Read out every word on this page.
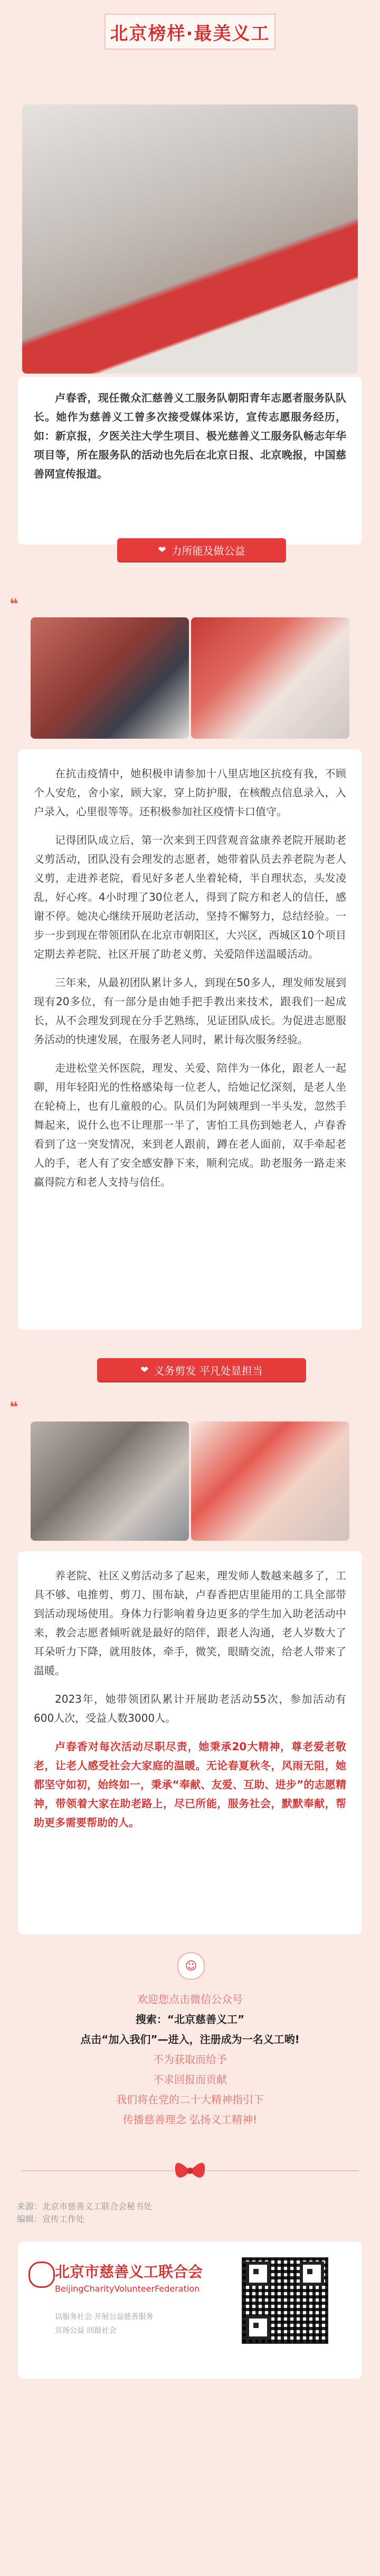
北京榜样·最美义工

卢春香，现任微众汇慈善义工服务队朝阳青年志愿者服务队队长。她作为慈善义工曾多次接受媒体采访，宣传志愿服务经历，如：新京报，夕医关注大学生项目、极光慈善义工服务队畅志年华项目等，所在服务队的活动也先后在北京日报、北京晚报，中国慈善网宣传报道。

❤ 力所能及做公益
❝

在抗击疫情中，她积极申请参加十八里店地区抗疫有我，不顾个人安危，舍小家，顾大家，穿上防护服，在核酸点信息录入，入户录入，心里很等等。还积极参加社区疫情卡口值守。

记得团队成立后，第一次来到王四营观音盆康养老院开展助老义剪活动，团队没有会理发的志愿者，她带着队员去养老院为老人义剪，走进养老院，看见好多老人坐着轮椅，半自理状态，头发凌乱，好心疼。4小时理了30位老人，得到了院方和老人的信任，感谢不停。她决心继续开展助老活动，坚持不懈努力，总结经验。一步一步到现在带领团队在北京市朝阳区，大兴区，西城区10个项目定期去养老院、社区开展了助老义剪、关爱陪伴送温暖活动。

三年来，从最初团队累计多人，到现在50多人，理发师发展到现有20多位，有一部分是由她手把手教出来技术，跟我们一起成长，从不会理发到现在分手艺熟练，见证团队成长。为促进志愿服务活动的快速发展，在服务老人同时，累计每次服务经验。

走进松堂关怀医院，理发、关爱、陪伴为一体化，跟老人一起聊，用年轻阳光的性格感染每一位老人，给她记忆深刻，是老人坐在轮椅上，也有儿童般的心。队员们为阿姨理到一半头发，忽然手舞起来，说什么也不让理那一半了，害怕工具伤到她老人，卢春香看到了这一突发情况，来到老人跟前，蹲在老人面前，双手牵起老人的手，老人有了安全感安静下来，顺利完成。助老服务一路走来赢得院方和老人支持与信任。

❤ 义务剪发 平凡处显担当
❝

养老院、社区义剪活动多了起来，理发师人数越来越多了，工具不够、电推剪、剪刀、围布缺，卢春香把店里能用的工具全部带到活动现场使用。身体力行影响着身边更多的学生加入助老活动中来，教会志愿者倾听就是最好的陪伴，跟老人沟通，老人岁数大了耳朵听力下降，就用肢体，牵手，微笑，眼睛交流，给老人带来了温暖。

2023年，她带领团队累计开展助老活动55次，参加活动有600人次，受益人数3000人。

卢春香对每次活动尽职尽责，她秉承20大精神，尊老爱老敬老，让老人感受社会大家庭的温暖。无论春夏秋冬，风雨无阻，她都坚守如初，始终如一，秉承“奉献、友爱、互助、进步”的志愿精神，带领着大家在助老路上，尽已所能，服务社会，默默奉献，帮助更多需要帮助的人。

☺
欢迎您点击微信公众号
搜索：“北京慈善义工”
点击“加入我们”—进入，注册成为一名义工哟!
不为获取而给予
不求回报而贡献
我们将在党的二十大精神指引下
传播慈善理念 弘扬义工精神!
来源：北京市慈善义工联合会秘书处
编辑：宣传工作处
北京市慈善义工联合会
BeijingCharityVolunteerFederation
以服务社会 开展公益慈善服务
宣扬公益 回报社会
